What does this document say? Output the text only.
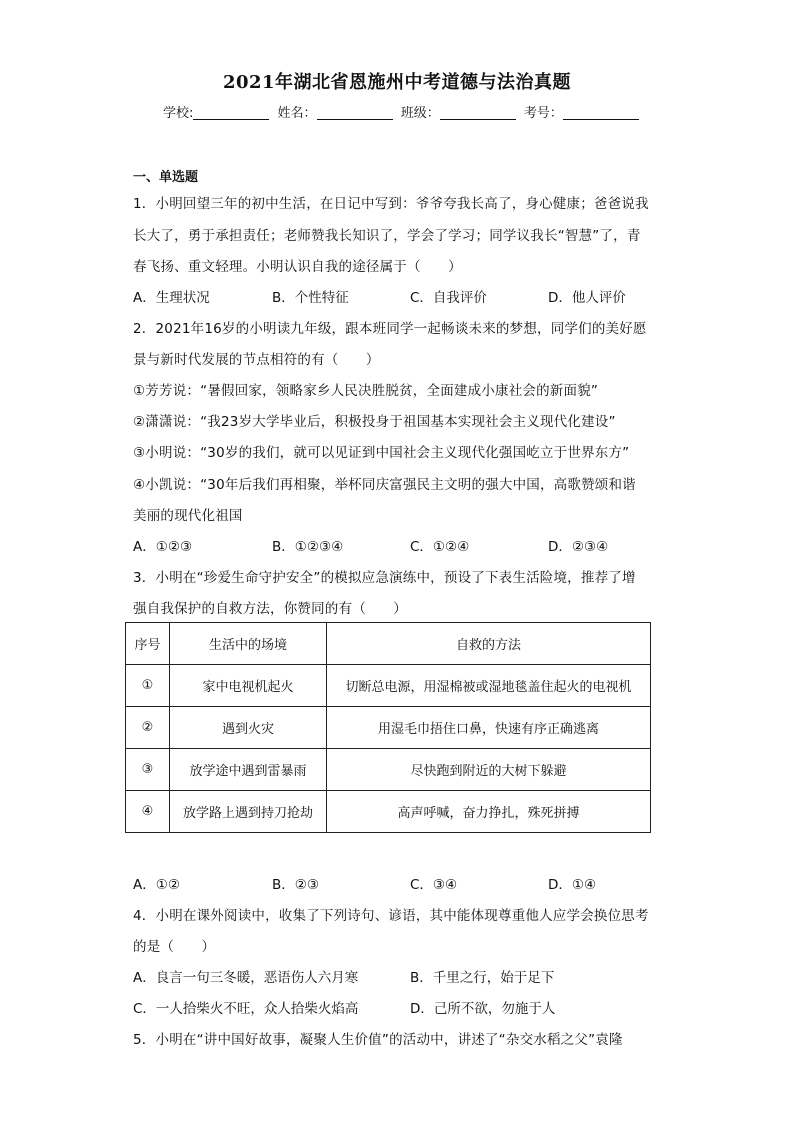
2021年湖北省恩施州中考道德与法治真题
学校:	姓名：	班级：	考号：
一、单选题
1．小明回望三年的初中生活，在日记中写到：爷爷夸我长高了，身心健康；爸爸说我
长大了，勇于承担责任；老师赞我长知识了，学会了学习；同学议我长“智慧”了，青
春飞扬、重文轻理。小明认识自我的途径属于（　　）
A．生理状况	B．个性特征	C．自我评价	D．他人评价
2．2021年16岁的小明读九年级，跟本班同学一起畅谈未来的梦想，同学们的美好愿
景与新时代发展的节点相符的有（　　）
①芳芳说：“暑假回家，领略家乡人民决胜脱贫，全面建成小康社会的新面貌”
②潇潇说：“我23岁大学毕业后，积极投身于祖国基本实现社会主义现代化建设”
③小明说：“30岁的我们，就可以见证到中国社会主义现代化强国屹立于世界东方”
④小凯说：“30年后我们再相聚，举杯同庆富强民主文明的强大中国，高歌赞颂和谐
美丽的现代化祖国
A．①②③	B．①②③④	C．①②④	D．②③④
3．小明在“珍爱生命守护安全”的模拟应急演练中，预设了下表生活险境，推荐了增
强自我保护的自救方法，你赞同的有（　　）
序号	生活中的场境	自救的方法
①	家中电视机起火	切断总电源，用湿棉被或湿地毯盖住起火的电视机
②	遇到火灾	用湿毛巾捂住口鼻，快速有序正确逃离
③	放学途中遇到雷暴雨	尽快跑到附近的大树下躲避
④	放学路上遇到持刀抢劫	高声呼喊，奋力挣扎，殊死拼搏
A．①②	B．②③	C．③④	D．①④
4．小明在课外阅读中，收集了下列诗句、谚语，其中能体现尊重他人应学会换位思考
的是（　　）
A．良言一句三冬暖，恶语伤人六月寒	B．千里之行，始于足下
C．一人拾柴火不旺，众人拾柴火焰高	D．己所不欲，勿施于人
5．小明在“讲中国好故事，凝聚人生价值”的活动中，讲述了“杂交水稻之父”袁隆
